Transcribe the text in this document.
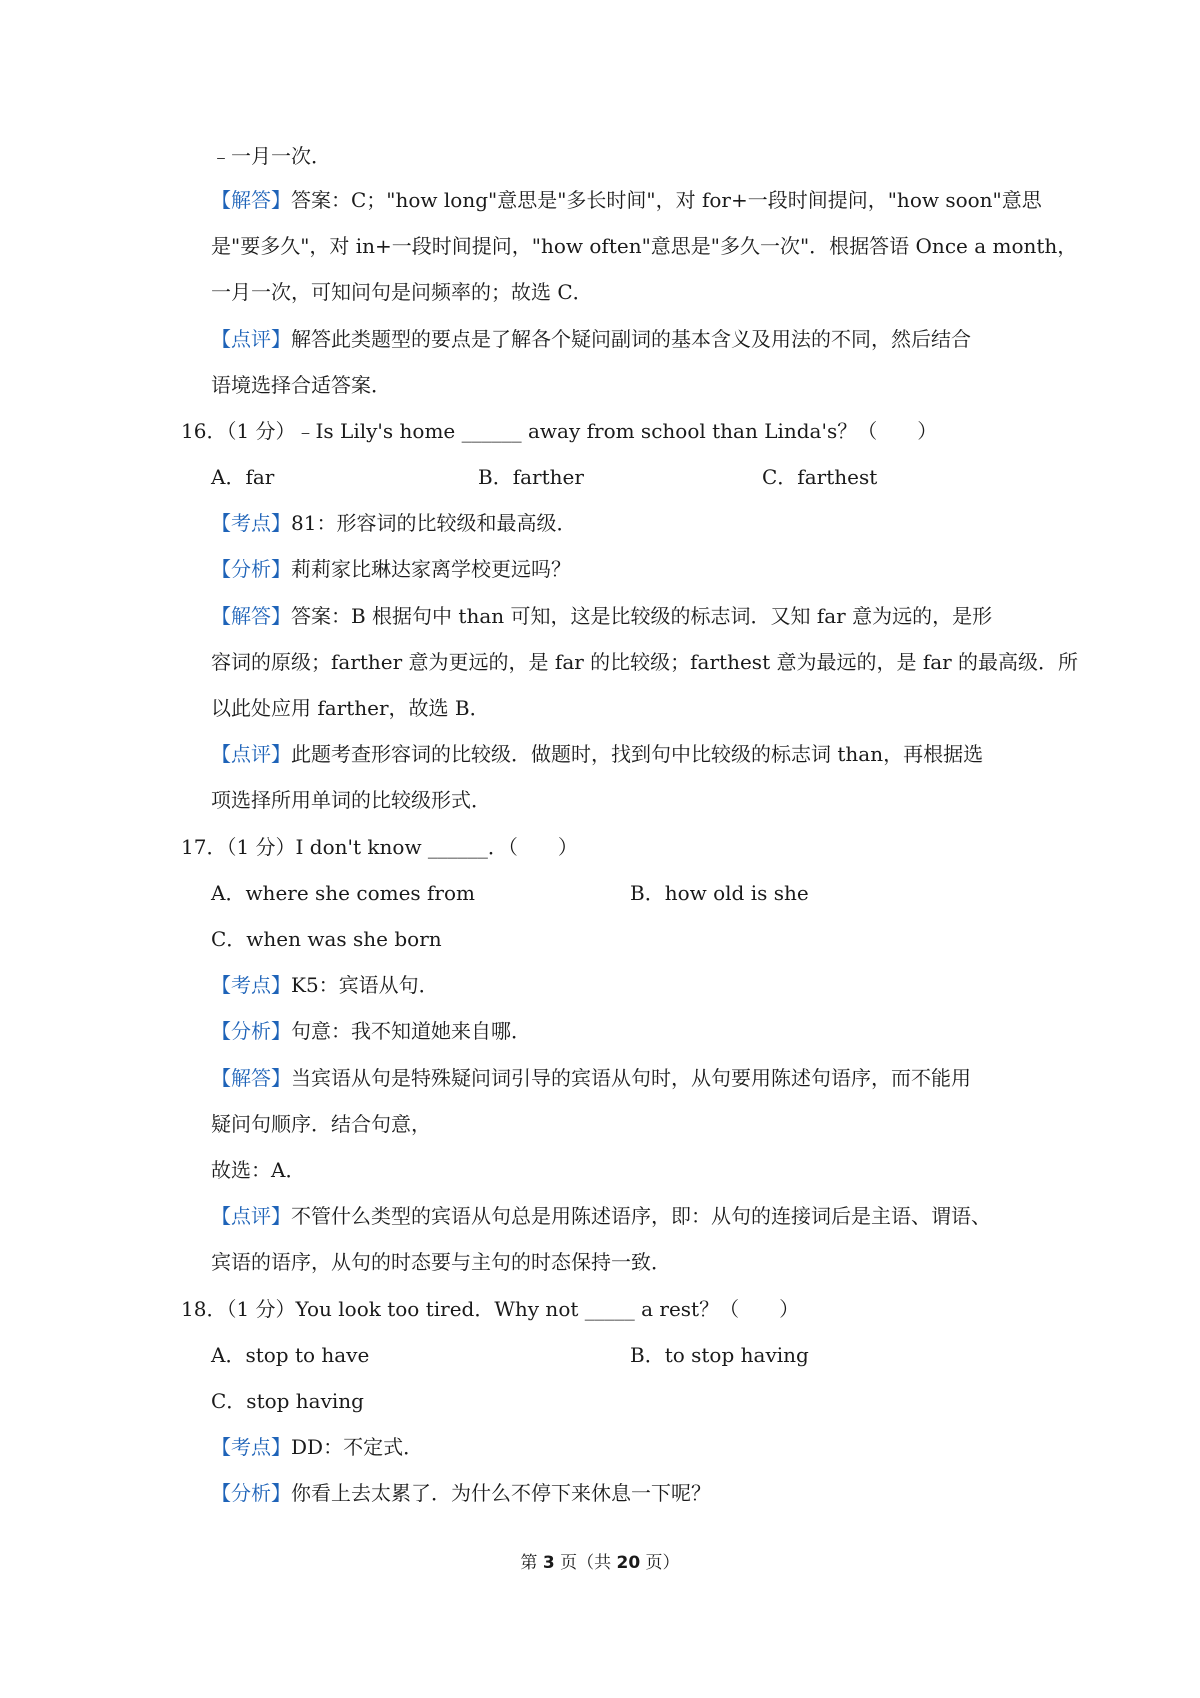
﹣一月一次．
【解答】答案：C；"how long"意思是"多长时间"，对 for+一段时间提问，"how soon"意思
是"要多久"，对 in+一段时间提问，"how often"意思是"多久一次"．根据答语 Once a month，
一月一次，可知问句是问频率的；故选 C．
【点评】解答此类题型的要点是了解各个疑问副词的基本含义及用法的不同，然后结合
语境选择合适答案．
16．（1 分）﹣Is Lily's home ______ away from school than Linda's？（　　）
A．far	B．farther	C．farthest
【考点】81：形容词的比较级和最高级．
【分析】莉莉家比琳达家离学校更远吗？
【解答】答案：B 根据句中 than 可知，这是比较级的标志词．又知 far 意为远的，是形
容词的原级；farther 意为更远的，是 far 的比较级；farthest 意为最远的，是 far 的最高级．所
以此处应用 farther，故选 B．
【点评】此题考查形容词的比较级．做题时，找到句中比较级的标志词 than，再根据选
项选择所用单词的比较级形式．
17．（1 分）I don't know ______．（　　）
A．where she comes from	B．how old is she
C．when was she born
【考点】K5：宾语从句．
【分析】句意：我不知道她来自哪．
【解答】当宾语从句是特殊疑问词引导的宾语从句时，从句要用陈述句语序，而不能用
疑问句顺序．结合句意，
故选：A．
【点评】不管什么类型的宾语从句总是用陈述语序，即：从句的连接词后是主语、谓语、
宾语的语序，从句的时态要与主句的时态保持一致．
18．（1 分）You look too tired．Why not _____ a rest？（　　）
A．stop to have	B．to stop having
C．stop having
【考点】DD：不定式．
【分析】你看上去太累了．为什么不停下来休息一下呢？
第 3 页（共 20 页）
